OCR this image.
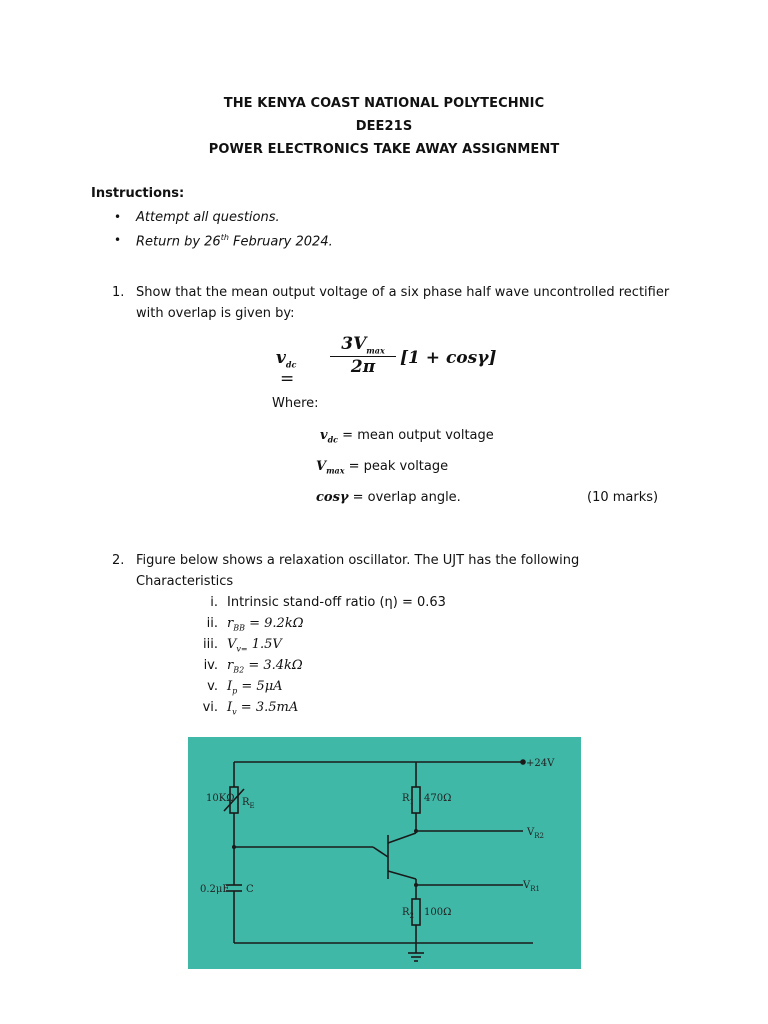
THE KENYA COAST NATIONAL POLYTECHNIC
DEE21S
POWER ELECTRONICS TAKE AWAY ASSIGNMENT
Instructions:
• Attempt all questions.
• Return by 26th February 2024.
1. Show that the mean output voltage of a six phase half wave uncontrolled rectifier
with overlap is given by:
$v_{dc}$ =
$3V_{max}$
2π	[1 + cosγ]
Where:
$v_{dc}$ = mean output voltage
$V_{max}$ = peak voltage
cosγ = overlap angle.	(10 marks)
2. Figure below shows a relaxation oscillator. The UJT has the following
Characteristics
i. Intrinsic stand-off ratio (η) = 0.63
ii. $r_{BB} = 9.2k\Omega$
iii. $V_{v=}$ 1.5V
iv. $r_{B2} = 3.4k\Omega$
v. $I_p = 5\mu A$
vi. $I_v = 3.5mA$
+24V
10KΩ $R_E$
$R_1$ 470Ω
$R_2$ 100Ω
0.2μF C
$V_{R2}$
$V_{R1}$
